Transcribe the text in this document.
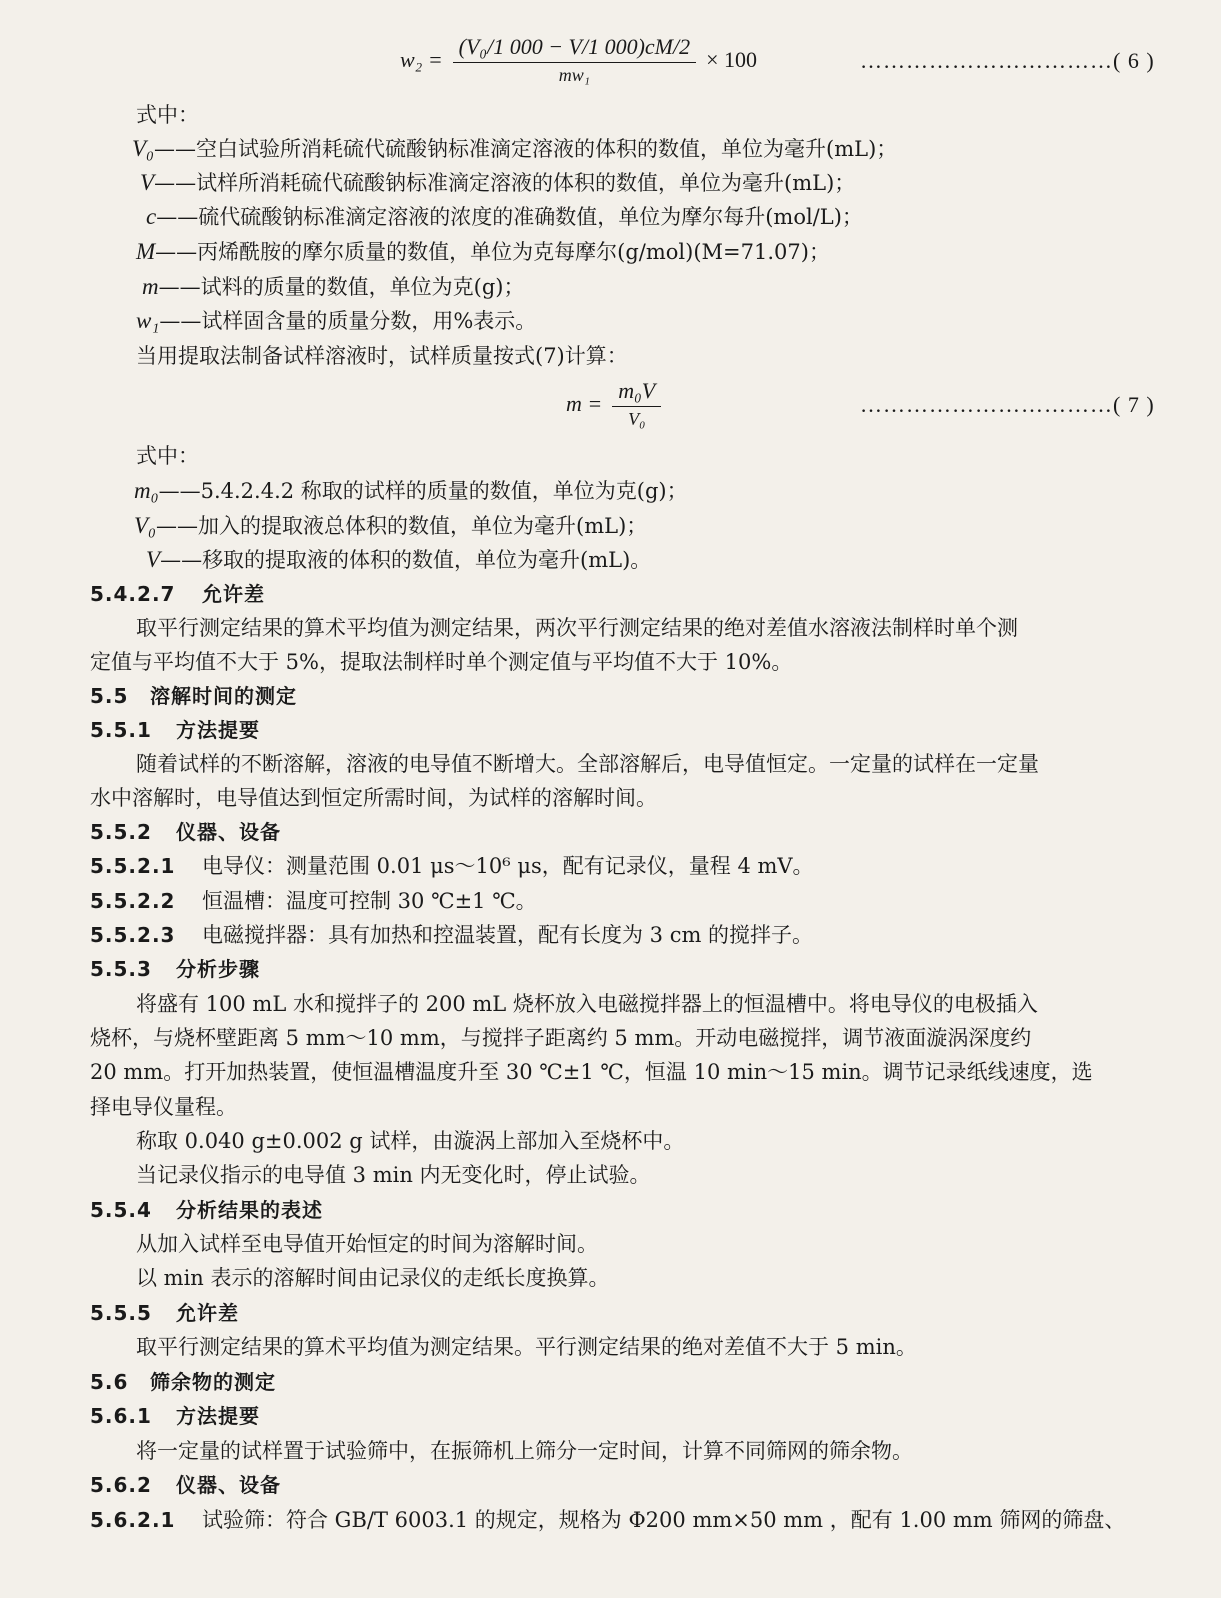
$w_2 = \frac{\text{(V₀/1 000 − V/1 000)cM/2}}{\text{mw₁}} \times 100$	……………………………( 6 )
式中：
V₀——空白试验所消耗硫代硫酸钠标准滴定溶液的体积的数值，单位为毫升(mL)；
V——试样所消耗硫代硫酸钠标准滴定溶液的体积的数值，单位为毫升(mL)；
c——硫代硫酸钠标准滴定溶液的浓度的准确数值，单位为摩尔每升(mol/L)；
M——丙烯酰胺的摩尔质量的数值，单位为克每摩尔(g/mol)(M=71.07)；
m——试料的质量的数值，单位为克(g)；
w₁——试样固含量的质量分数，用%表示。
当用提取法制备试样溶液时，试样质量按式(7)计算：
$m = \frac{\text{m₀V}}{\text{V₀}}$	……………………………( 7 )
式中：
m₀——5.4.2.4.2 称取的试样的质量的数值，单位为克(g)；
V₀——加入的提取液总体积的数值，单位为毫升(mL)；
V——移取的提取液的体积的数值，单位为毫升(mL)。
5.4.2.7 允许差
取平行测定结果的算术平均值为测定结果，两次平行测定结果的绝对差值水溶液法制样时单个测
定值与平均值不大于 5%，提取法制样时单个测定值与平均值不大于 10%。
5.5 溶解时间的测定
5.5.1 方法提要
随着试样的不断溶解，溶液的电导值不断增大。全部溶解后，电导值恒定。一定量的试样在一定量
水中溶解时，电导值达到恒定所需时间，为试样的溶解时间。
5.5.2 仪器、设备
5.5.2.1 电导仪：测量范围 0.01 μs～10⁶ μs，配有记录仪，量程 4 mV。
5.5.2.2 恒温槽：温度可控制 30 ℃±1 ℃。
5.5.2.3 电磁搅拌器：具有加热和控温装置，配有长度为 3 cm 的搅拌子。
5.5.3 分析步骤
将盛有 100 mL 水和搅拌子的 200 mL 烧杯放入电磁搅拌器上的恒温槽中。将电导仪的电极插入
烧杯，与烧杯壁距离 5 mm～10 mm，与搅拌子距离约 5 mm。开动电磁搅拌，调节液面漩涡深度约
20 mm。打开加热装置，使恒温槽温度升至 30 ℃±1 ℃，恒温 10 min～15 min。调节记录纸线速度，选
择电导仪量程。
称取 0.040 g±0.002 g 试样，由漩涡上部加入至烧杯中。
当记录仪指示的电导值 3 min 内无变化时，停止试验。
5.5.4 分析结果的表述
从加入试样至电导值开始恒定的时间为溶解时间。
以 min 表示的溶解时间由记录仪的走纸长度换算。
5.5.5 允许差
取平行测定结果的算术平均值为测定结果。平行测定结果的绝对差值不大于 5 min。
5.6 筛余物的测定
5.6.1 方法提要
将一定量的试样置于试验筛中，在振筛机上筛分一定时间，计算不同筛网的筛余物。
5.6.2 仪器、设备
5.6.2.1 试验筛：符合 GB/T 6003.1 的规定，规格为 Φ200 mm×50 mm ，配有 1.00 mm 筛网的筛盘、
